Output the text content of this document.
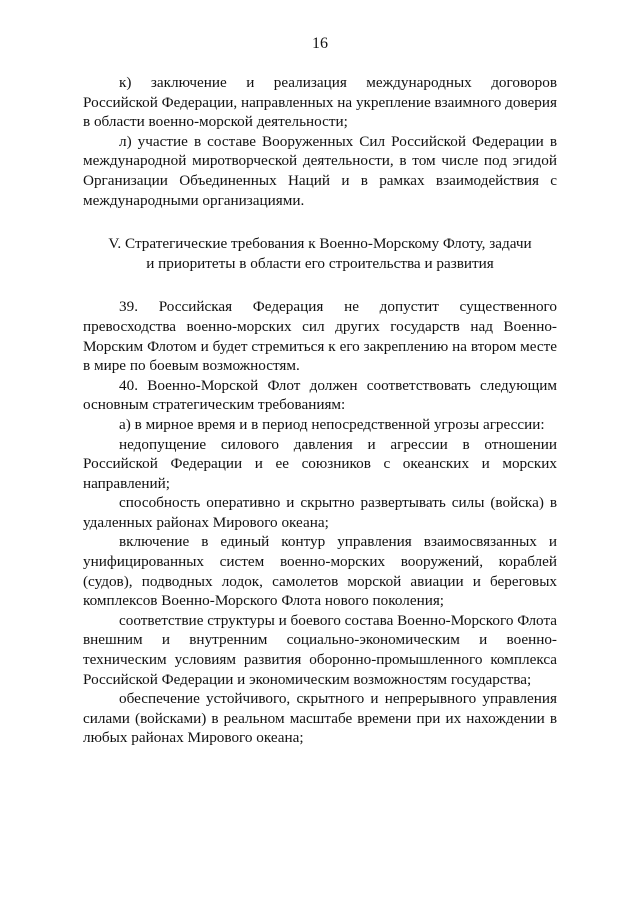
16

к) заключение и реализация международных договоров Российской Федерации, направленных на укрепление взаимного доверия в области военно-морской деятельности;

л) участие в составе Вооруженных Сил Российской Федерации в международной миротворческой деятельности, в том числе под эгидой Организации Объединенных Наций и в рамках взаимодействия с международными организациями.

V. Стратегические требования к Военно-Морскому Флоту, задачи
и приоритеты в области его строительства и развития

39. Российская Федерация не допустит существенного превосходства военно-морских сил других государств над Военно-Морским Флотом и будет стремиться к его закреплению на втором месте в мире по боевым возможностям.

40. Военно-Морской Флот должен соответствовать следующим основным стратегическим требованиям:

а) в мирное время и в период непосредственной угрозы агрессии:

недопущение силового давления и агрессии в отношении Российской Федерации и ее союзников с океанских и морских направлений;

способность оперативно и скрытно развертывать силы (войска) в удаленных районах Мирового океана;

включение в единый контур управления взаимосвязанных и унифицированных систем военно-морских вооружений, кораблей (судов), подводных лодок, самолетов морской авиации и береговых комплексов Военно-Морского Флота нового поколения;

соответствие структуры и боевого состава Военно-Морского Флота внешним и внутренним социально-экономическим и военно-техническим условиям развития оборонно-промышленного комплекса Российской Федерации и экономическим возможностям государства;

обеспечение устойчивого, скрытного и непрерывного управления силами (войсками) в реальном масштабе времени при их нахождении в любых районах Мирового океана;
